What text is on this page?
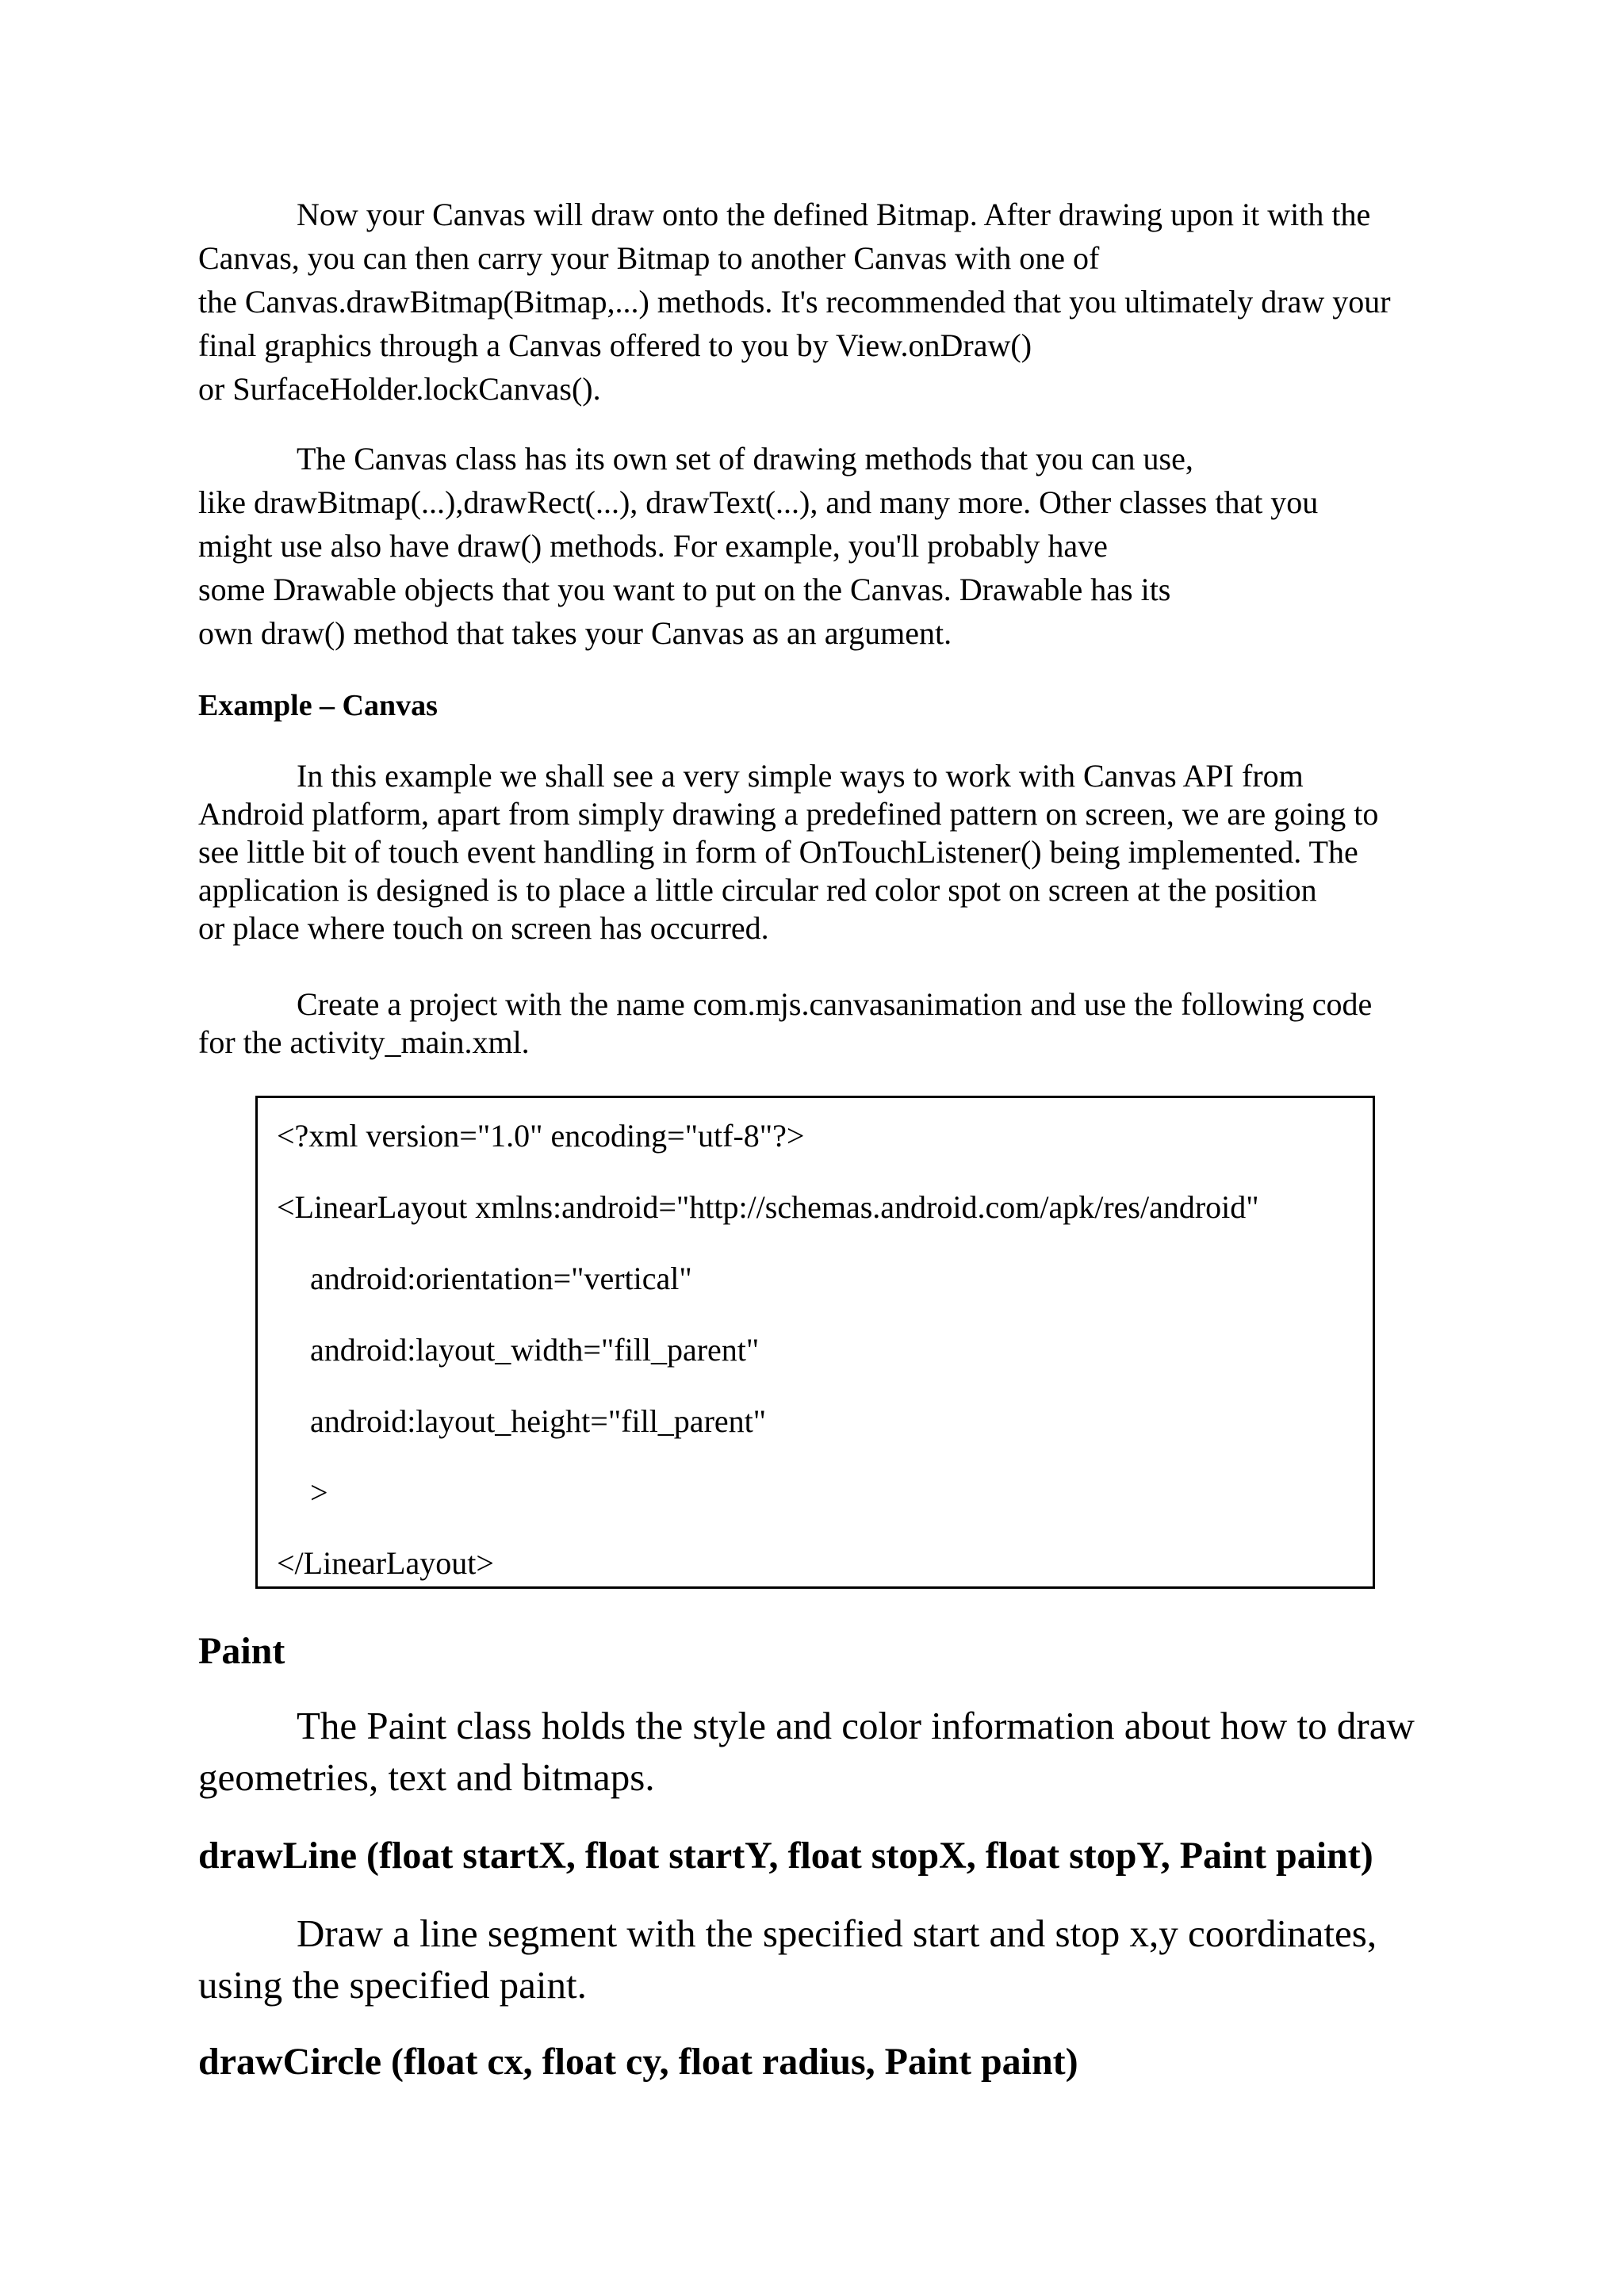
Now your Canvas will draw onto the defined Bitmap. After drawing upon it with the
Canvas, you can then carry your Bitmap to another Canvas with one of
the Canvas.drawBitmap(Bitmap,...) methods. It's recommended that you ultimately draw your
final graphics through a Canvas offered to you by View.onDraw()
or SurfaceHolder.lockCanvas().
The Canvas class has its own set of drawing methods that you can use,
like drawBitmap(...),drawRect(...), drawText(...), and many more. Other classes that you
might use also have draw() methods. For example, you'll probably have
some Drawable objects that you want to put on the Canvas. Drawable has its
own draw() method that takes your Canvas as an argument.
Example – Canvas
In this example we shall see a very simple ways to work with Canvas API from
Android platform, apart from simply drawing a predefined pattern on screen, we are going to
see little bit of touch event handling in form of OnTouchListener() being implemented. The
application is designed is to place a little circular red color spot on screen at the position
or place where touch on screen has occurred.
Create a project with the name com.mjs.canvasanimation and use the following code
for the activity_main.xml.
<?xml version="1.0" encoding="utf-8"?>
<LinearLayout xmlns:android="http://schemas.android.com/apk/res/android"
android:orientation="vertical"
android:layout_width="fill_parent"
android:layout_height="fill_parent"
>
</LinearLayout>
Paint
The Paint class holds the style and color information about how to draw
geometries, text and bitmaps.
drawLine (float startX, float startY, float stopX, float stopY, Paint paint)
Draw a line segment with the specified start and stop x,y coordinates,
using the specified paint.
drawCircle (float cx, float cy, float radius, Paint paint)
